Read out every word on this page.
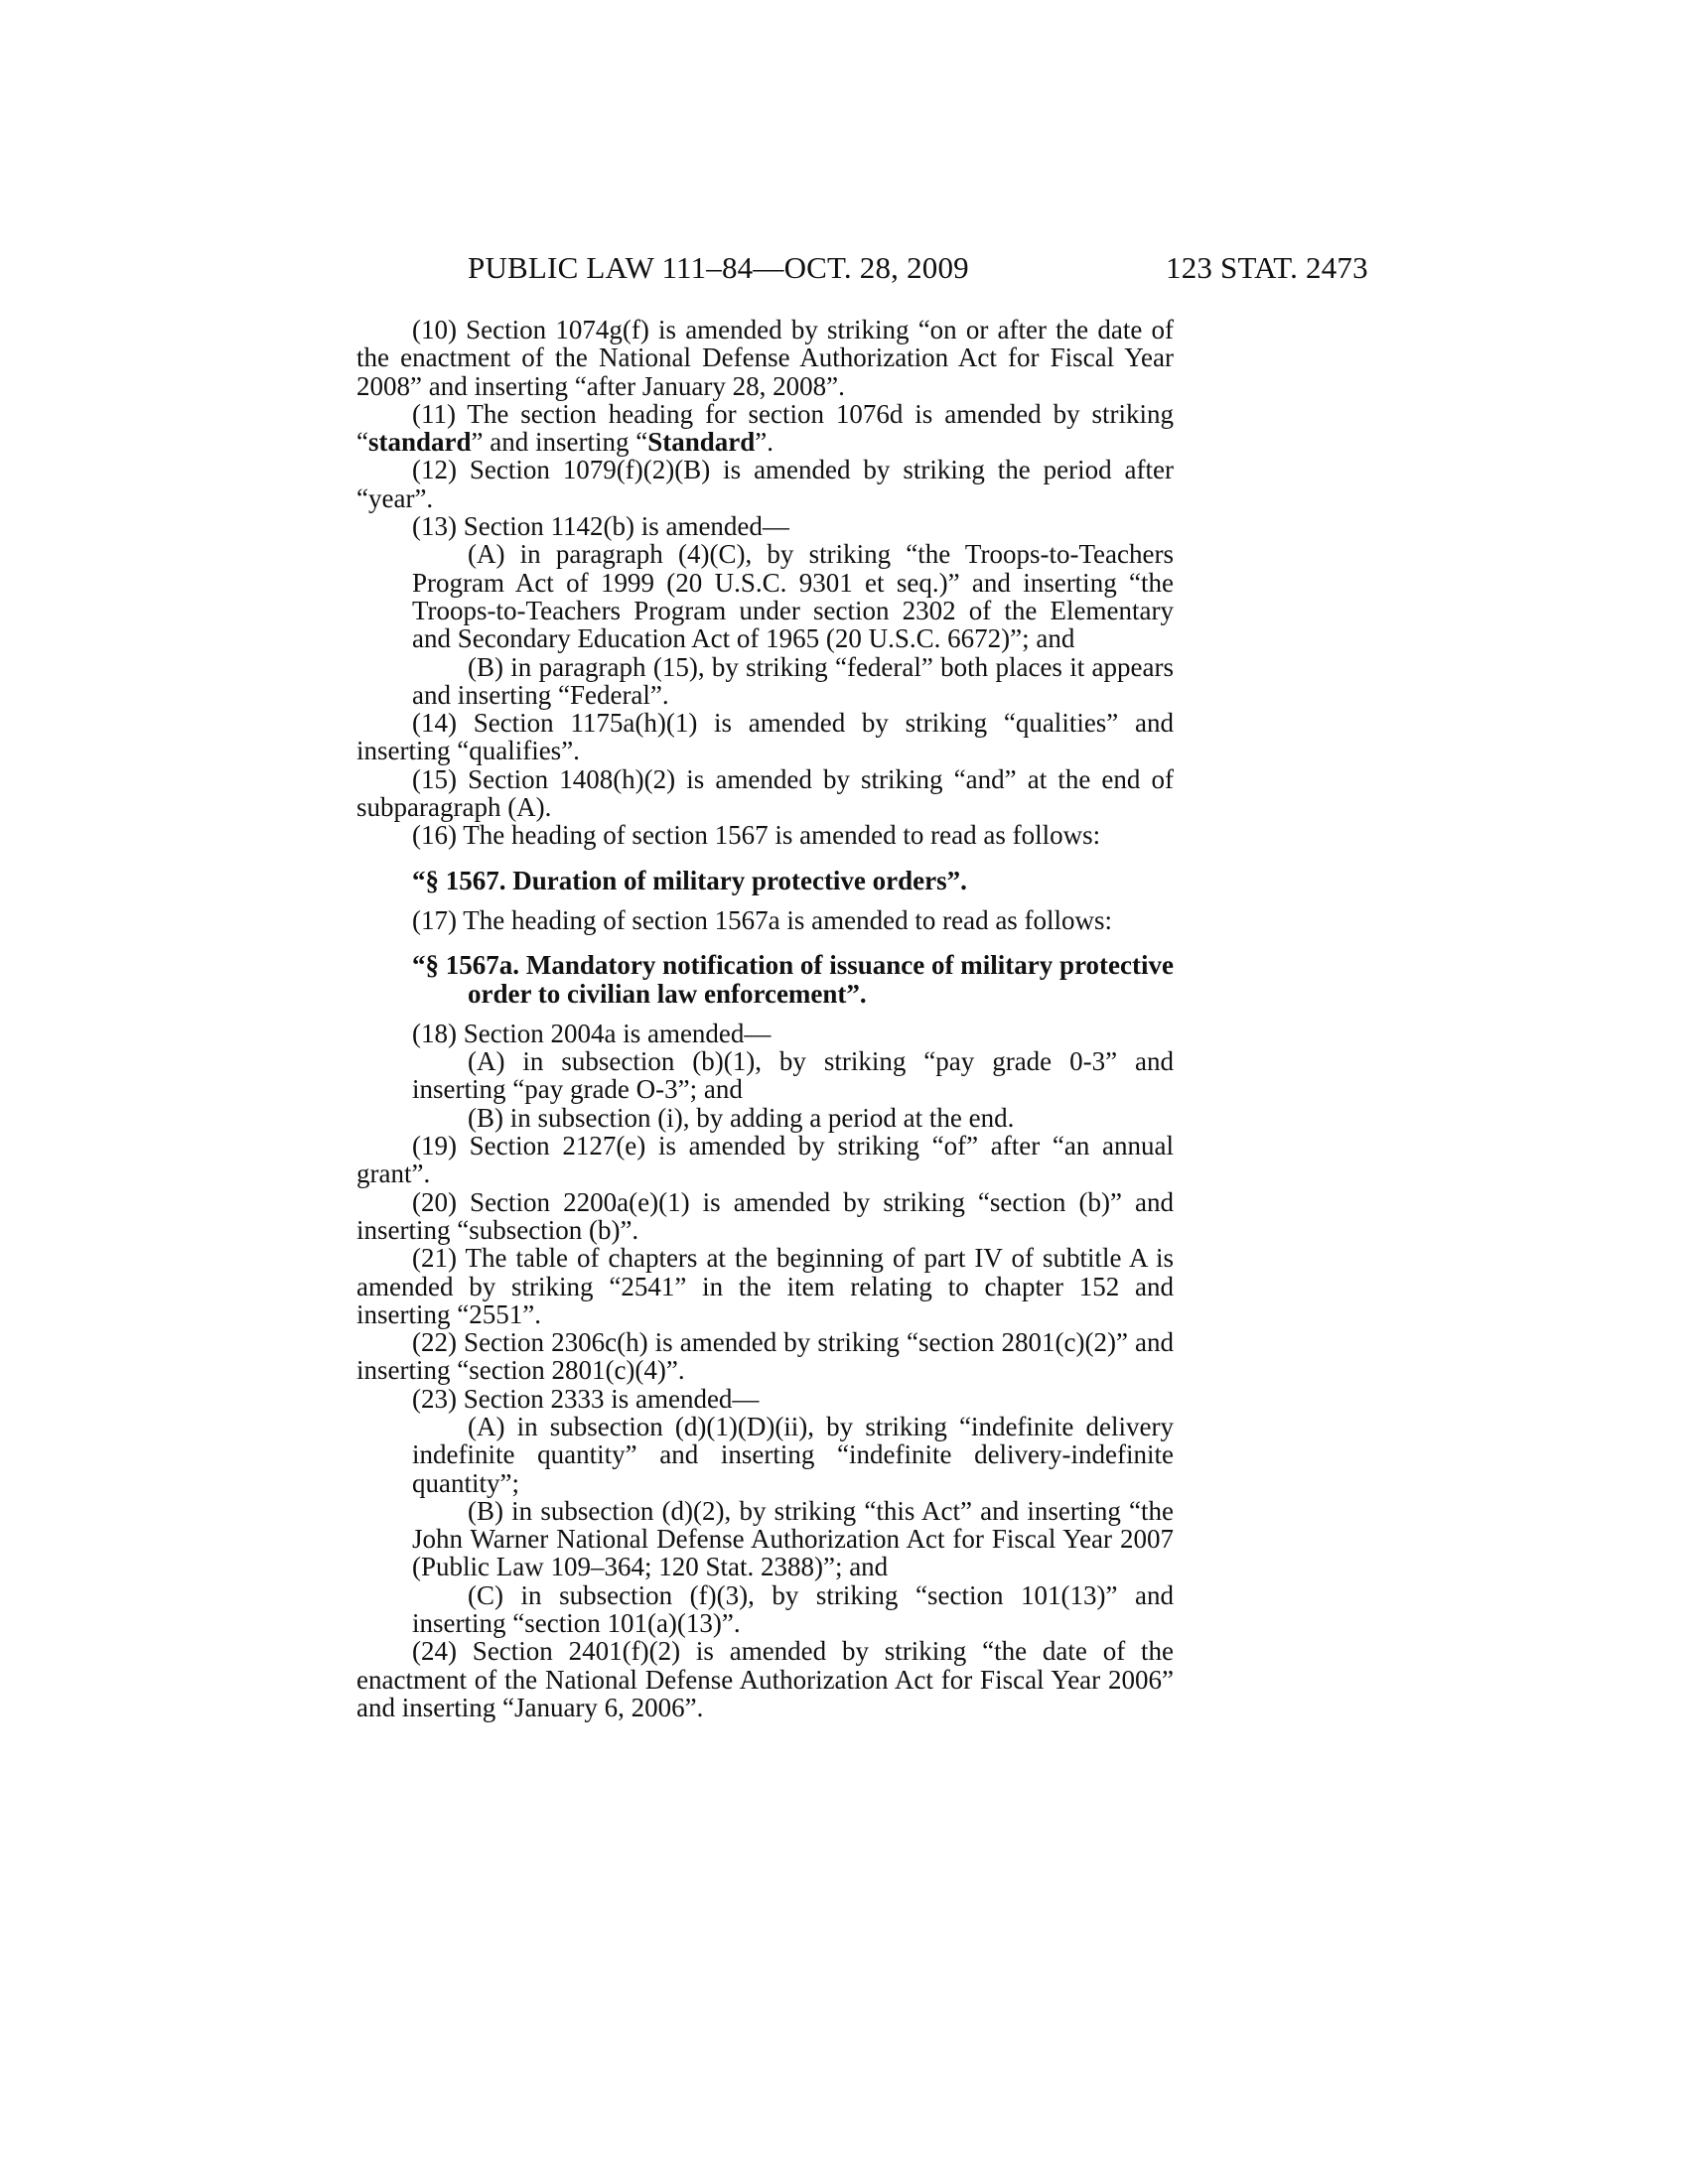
PUBLIC LAW 111–84—OCT. 28, 2009	123 STAT. 2473

(10) Section 1074g(f) is amended by striking “on or after the date of the enactment of the National Defense Authorization Act for Fiscal Year 2008” and inserting “after January 28, 2008”.

(11) The section heading for section 1076d is amended by striking “standard” and inserting “Standard”.

(12) Section 1079(f)(2)(B) is amended by striking the period after “year”.

(13) Section 1142(b) is amended—

(A) in paragraph (4)(C), by striking “the Troops-to-Teachers Program Act of 1999 (20 U.S.C. 9301 et seq.)” and inserting “the Troops-to-Teachers Program under section 2302 of the Elementary and Secondary Education Act of 1965 (20 U.S.C. 6672)”; and

(B) in paragraph (15), by striking “federal” both places it appears and inserting “Federal”.

(14) Section 1175a(h)(1) is amended by striking “qualities” and inserting “qualifies”.

(15) Section 1408(h)(2) is amended by striking “and” at the end of subparagraph (A).

(16) The heading of section 1567 is amended to read as follows:

“§ 1567. Duration of military protective orders”.

(17) The heading of section 1567a is amended to read as follows:

“§ 1567a. Mandatory notification of issuance of military protective order to civilian law enforcement”.

(18) Section 2004a is amended—

(A) in subsection (b)(1), by striking “pay grade 0-3” and inserting “pay grade O-3”; and

(B) in subsection (i), by adding a period at the end.

(19) Section 2127(e) is amended by striking “of” after “an annual grant”.

(20) Section 2200a(e)(1) is amended by striking “section (b)” and inserting “subsection (b)”.

(21) The table of chapters at the beginning of part IV of subtitle A is amended by striking “2541” in the item relating to chapter 152 and inserting “2551”.

(22) Section 2306c(h) is amended by striking “section 2801(c)(2)” and inserting “section 2801(c)(4)”.

(23) Section 2333 is amended—

(A) in subsection (d)(1)(D)(ii), by striking “indefinite delivery indefinite quantity” and inserting “indefinite delivery-indefinite quantity”;

(B) in subsection (d)(2), by striking “this Act” and inserting “the John Warner National Defense Authorization Act for Fiscal Year 2007 (Public Law 109–364; 120 Stat. 2388)”; and

(C) in subsection (f)(3), by striking “section 101(13)” and inserting “section 101(a)(13)”.

(24) Section 2401(f)(2) is amended by striking “the date of the enactment of the National Defense Authorization Act for Fiscal Year 2006” and inserting “January 6, 2006”.
